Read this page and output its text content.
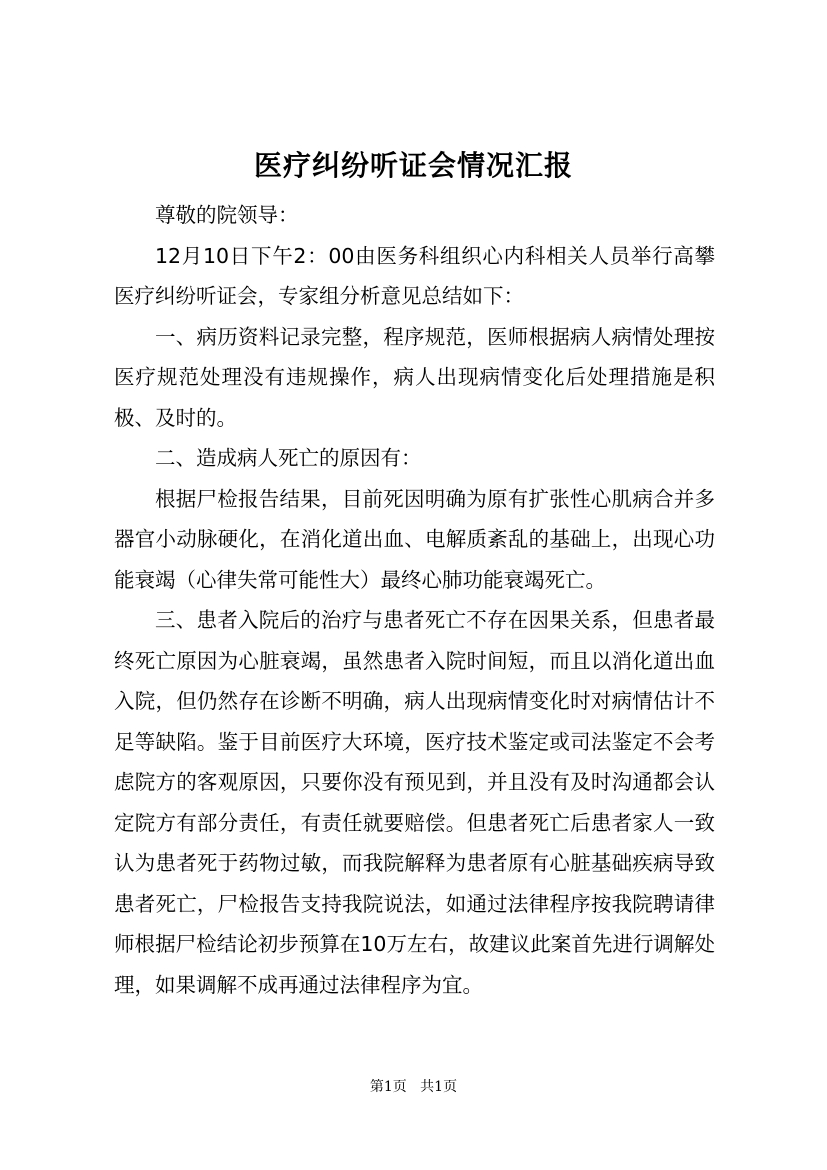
医疗纠纷听证会情况汇报

尊敬的院领导：

12月10日下午2：00由医务科组织心内科相关人员举行高攀医疗纠纷听证会，专家组分析意见总结如下：

一、病历资料记录完整，程序规范，医师根据病人病情处理按医疗规范处理没有违规操作，病人出现病情变化后处理措施是积极、及时的。

二、造成病人死亡的原因有：

根据尸检报告结果，目前死因明确为原有扩张性心肌病合并多器官小动脉硬化，在消化道出血、电解质紊乱的基础上，出现心功能衰竭（心律失常可能性大）最终心肺功能衰竭死亡。

三、患者入院后的治疗与患者死亡不存在因果关系，但患者最终死亡原因为心脏衰竭，虽然患者入院时间短，而且以消化道出血入院，但仍然存在诊断不明确，病人出现病情变化时对病情估计不足等缺陷。鉴于目前医疗大环境，医疗技术鉴定或司法鉴定不会考虑院方的客观原因，只要你没有预见到，并且没有及时沟通都会认定院方有部分责任，有责任就要赔偿。但患者死亡后患者家人一致认为患者死于药物过敏，而我院解释为患者原有心脏基础疾病导致患者死亡，尸检报告支持我院说法，如通过法律程序按我院聘请律师根据尸检结论初步预算在10万左右，故建议此案首先进行调解处理，如果调解不成再通过法律程序为宜。

第1页 共1页
